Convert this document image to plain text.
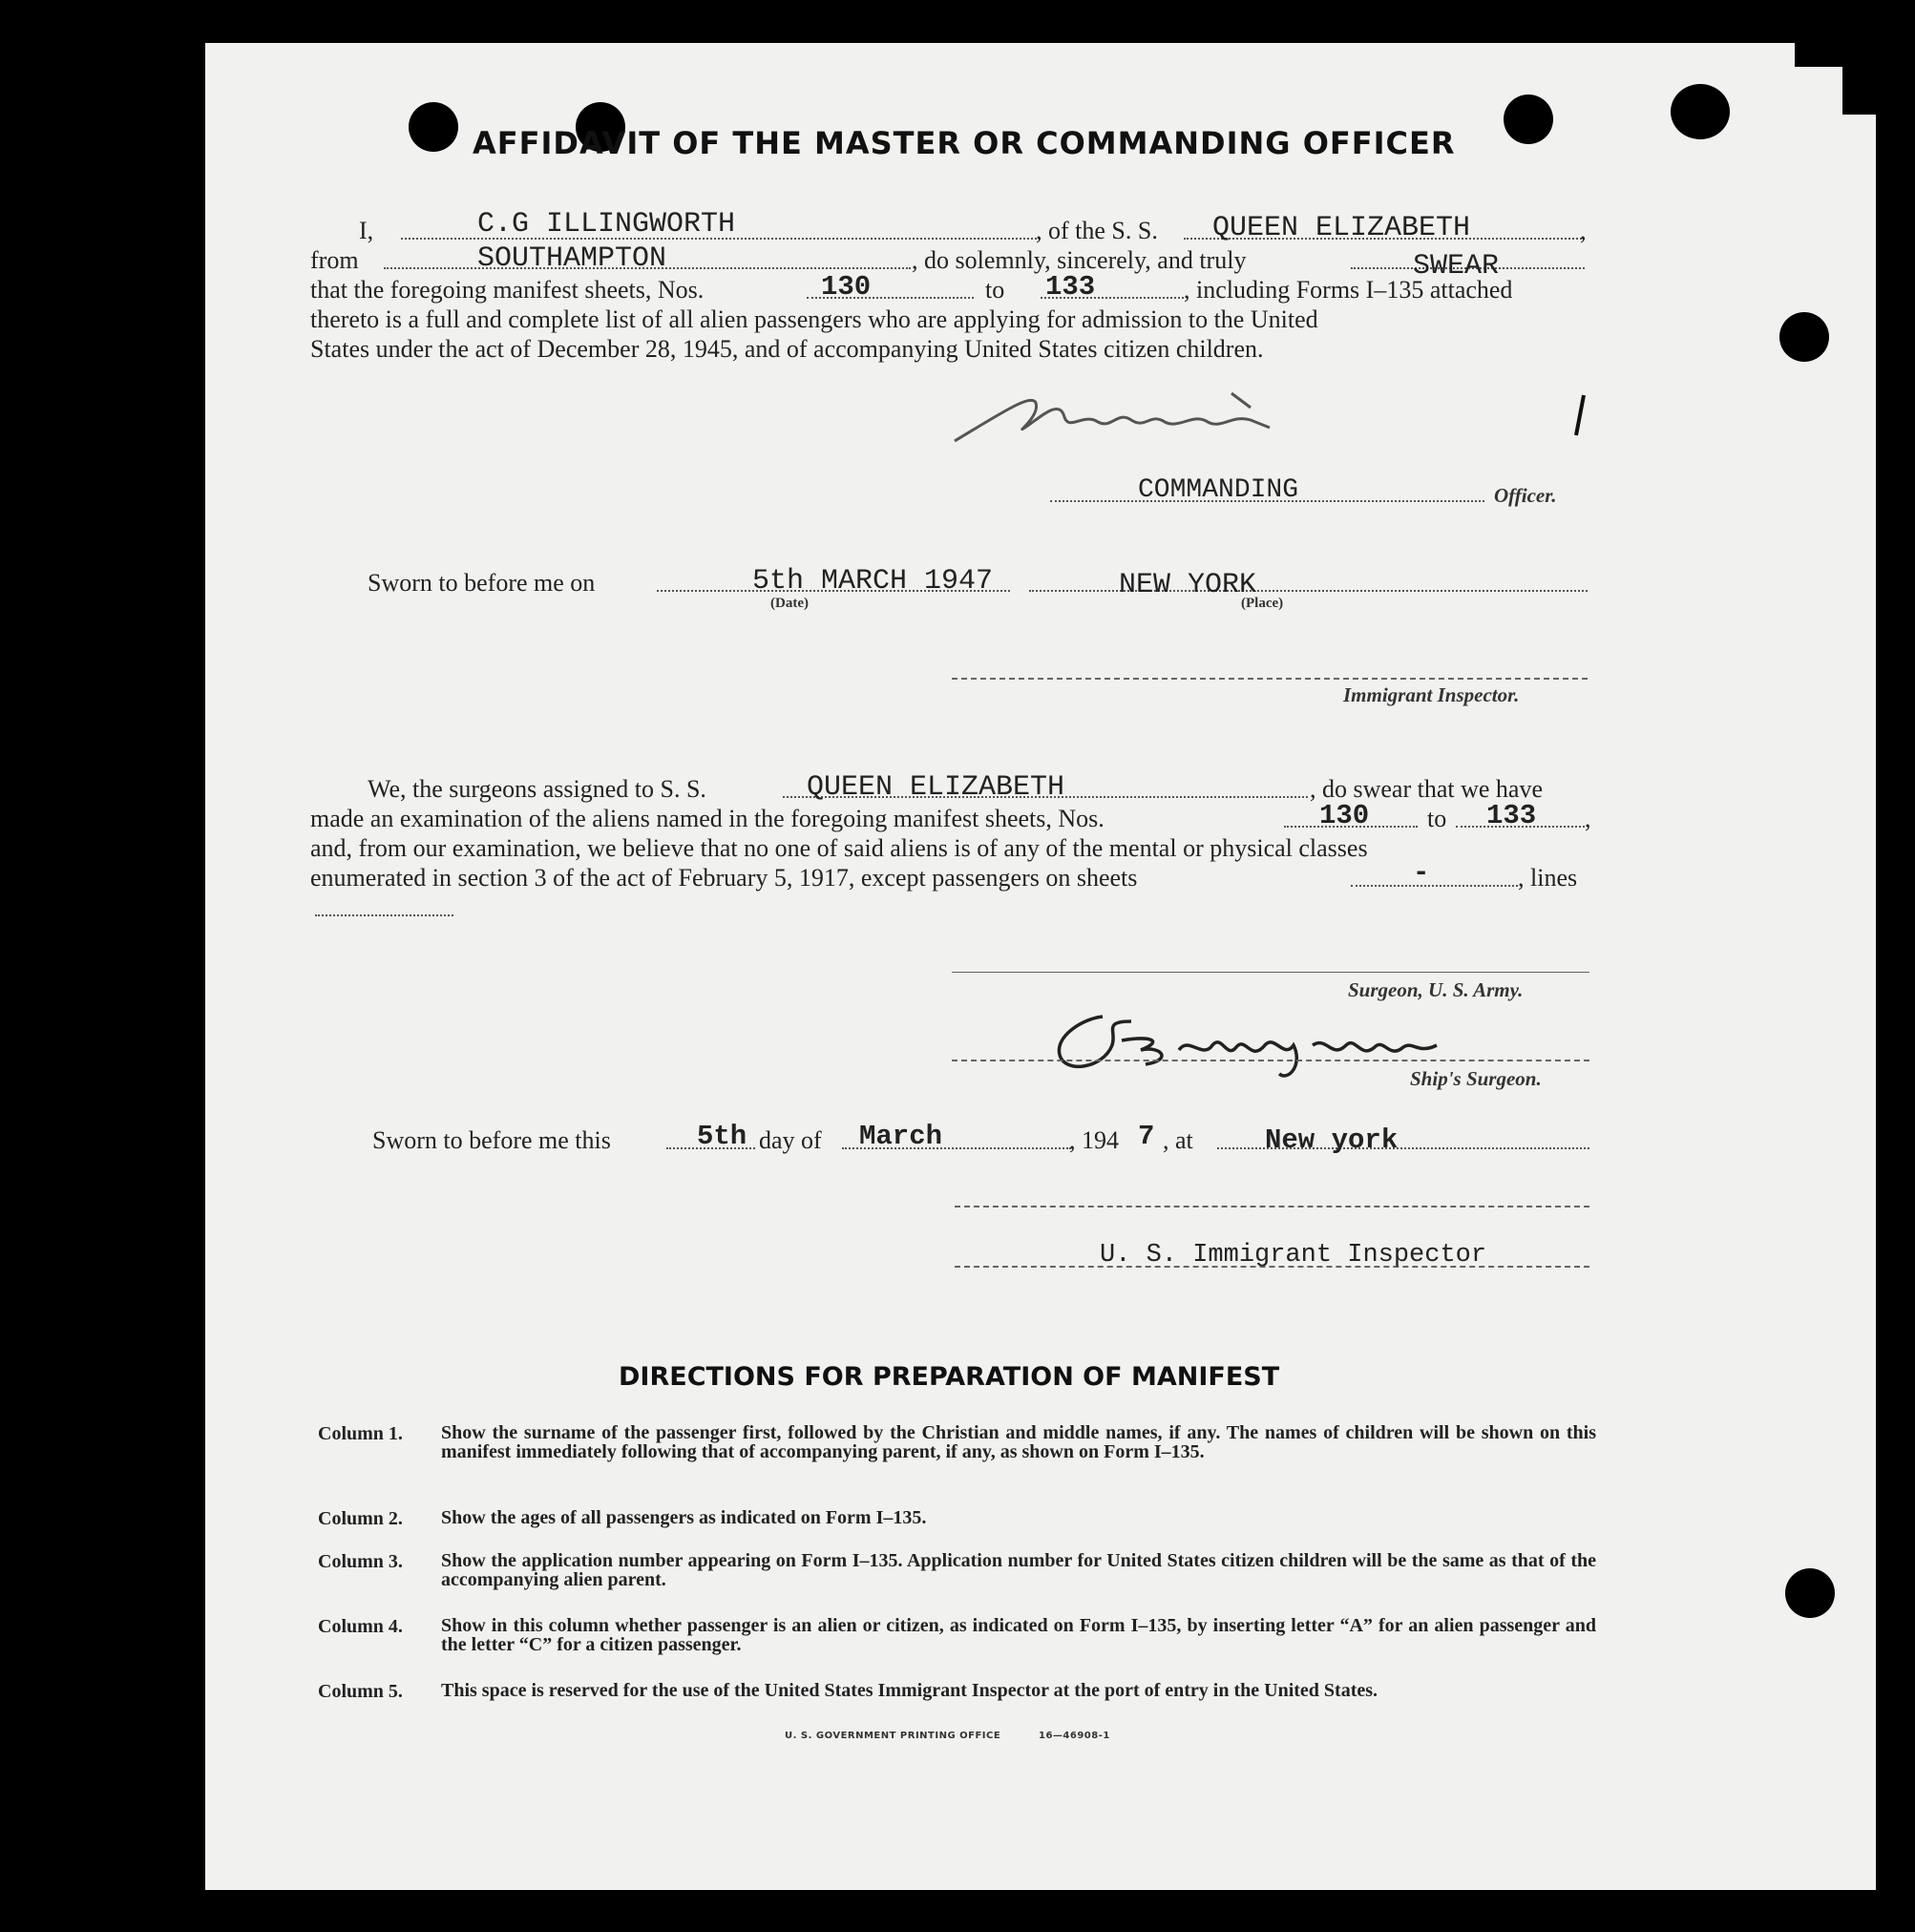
AFFIDAVIT OF THE MASTER OR COMMANDING OFFICER
I,	C.G ILLINGWORTH	, of the S. S. QUEEN ELIZABETH	,
from	SOUTHAMPTON	, do solemnly, sincerely, and truly	SWEAR
that the foregoing manifest sheets, Nos.	130	to 133	, including Forms I–135 attached
thereto is a full and complete list of all alien passengers who are applying for admission to the United
States under the act of December 28, 1945, and of accompanying United States citizen children.
COMMANDING	Officer.
Sworn to before me on	5th MARCH 1947
(Date)
NEW YORK
(Place)
Immigrant Inspector.
We, the surgeons assigned to S. S.	QUEEN ELIZABETH	, do swear that we have
made an examination of the aliens named in the foregoing manifest sheets, Nos.	130 to 133 ,
and, from our examination, we believe that no one of said aliens is of any of the mental or physical classes
enumerated in section 3 of the act of February 5, 1917, except passengers on sheets	-	, lines
Surgeon, U. S. Army.
Ship's Surgeon.
Sworn to before me this	5th day of March	, 194 7 , at	New york
U. S. Immigrant Inspector
DIRECTIONS FOR PREPARATION OF MANIFEST
Column 1. Show the surname of the passenger first, followed by the Christian and middle names, if any. The names of children will be shown on this manifest immediately following that of accompanying parent, if any, as shown on Form I–135.
Column 2. Show the ages of all passengers as indicated on Form I–135.
Column 3. Show the application number appearing on Form I–135. Application number for United States citizen children will be the same as that of the accompanying alien parent.
Column 4. Show in this column whether passenger is an alien or citizen, as indicated on Form I–135, by inserting letter “A” for an alien passenger and the letter “C” for a citizen passenger.
Column 5. This space is reserved for the use of the United States Immigrant Inspector at the port of entry in the United States.
U. S. GOVERNMENT PRINTING OFFICE	16—46908-1
